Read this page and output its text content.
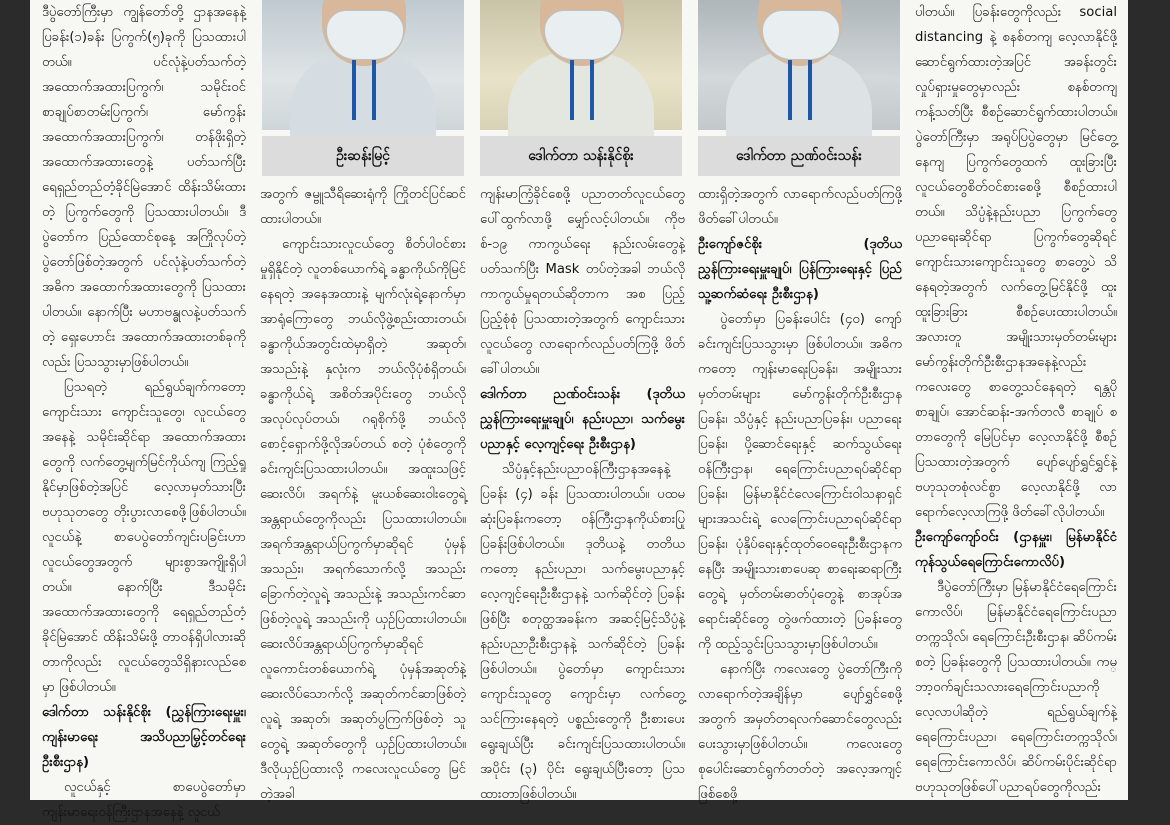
ဒီပွဲတော်ကြီးမှာ ကျွန်တော်တို့ ဌာနအနေနဲ့ ပြခန်း(၁)ခန်း ပြကွက်(၅)ခုကို ပြသထားပါတယ်။ ပင်လုံနဲ့ပတ်သက်တဲ့ အထောက်အထားပြကွက်၊ သမိုင်းဝင်စာချုပ်စာတမ်းပြကွက်၊ မော်ကွန်းအထောက်အထားပြကွက်၊ တန်ဖိုးရှိတဲ့ အထောက်အထားတွေနဲ့ ပတ်သက်ပြီး ရေရှည်တည်တံ့ခိုင်မြဲအောင် ထိန်းသိမ်းထားတဲ့ ပြကွက်တွေကို ပြသထားပါတယ်။ ဒီပွဲတော်က ပြည်ထောင်စုနေ့ အကြိုလုပ်တဲ့ ပွဲတော်ဖြစ်တဲ့အတွက် ပင်လုံနဲ့ပတ်သက်တဲ့ အဓိက အထောက်အထားတွေကို ပြသထားပါတယ်။ နောက်ပြီး မဟာဗန္ဓုလနဲ့ပတ်သက်တဲ့ ရှေးဟောင်း အထောက်အထားတစ်ခုကိုလည်း ပြသသွားမှာဖြစ်ပါတယ်။

ပြသရတဲ့ ရည်ရွယ်ချက်ကတော့ ကျောင်းသား ကျောင်းသူတွေ၊ လူငယ်တွေအနေနဲ့ သမိုင်းဆိုင်ရာ အထောက်အထားတွေကို လက်တွေ့မျက်မြင်ကိုယ်ကျ ကြည့်ရှုနိုင်မှာဖြစ်တဲ့အပြင် လေ့လာမှတ်သားပြီး ဗဟုသုတတွေ တိုးပွားလာစေဖို့ဖြစ်ပါတယ်။ လူငယ်နဲ့ စာပေပွဲတော်ကျင်းပခြင်းဟာ လူငယ်တွေအတွက် များစွာအကျိုးရှိပါတယ်။ နောက်ပြီး ဒီသမိုင်းအထောက်အထားတွေကို ရေရှည်တည်တံ့ခိုင်မြဲအောင် ထိန်းသိမ်းဖို့ တာဝန်ရှိပါလားဆိုတာကိုလည်း လူငယ်တွေသိရှိနားလည်စေမှာ ဖြစ်ပါတယ်။

ဒေါက်တာ သန်းနိုင်စိုး (ညွှန်ကြားရေးမှူး၊ ကျန်းမာရေး အသိပညာမြှင့်တင်ရေး ဦးစီးဌာန)

လူငယ်နှင့် စာပေပွဲတော်မှာ ကျန်းမာရေးဝန်ကြီးဌာနအနေနဲ့ လူငယ်

ဦးဆန်းမြင့်	ဒေါက်တာ သန်းနိုင်စိုး	ဒေါက်တာ ညဏ်ဝင်းသန်း

အတွက် ဇမ္ဗူသီရိဆေးရုံကို ကြိုတင်ပြင်ဆင်ထားပါတယ်။

ကျောင်းသားလူငယ်တွေ စိတ်ပါဝင်စားမှုရှိနိုင်တဲ့ လူတစ်ယောက်ရဲ့ ခန္ဓာကိုယ်ကိုမြင်နေရတဲ့ အနေအထားနဲ့ မျက်လုံးရဲ့နောက်မှာ အာရုံကြောတွေ ဘယ်လိုဖွဲ့စည်းထားတယ်၊ ခန္ဓာကိုယ်အတွင်းထဲမှာရှိတဲ့ အဆုတ်၊ အသည်းနဲ့ နှလုံးက ဘယ်လိုပုံစံရှိတယ်၊ ခန္ဓာကိုယ်ရဲ့ အစိတ်အပိုင်းတွေ ဘယ်လိုအလုပ်လုပ်တယ်၊ ဂရုစိုက်ဖို့ ဘယ်လိုစောင့်ရှောက်ဖို့လိုအပ်တယ် စတဲ့ ပုံစံတွေကို ခင်းကျင်းပြသထားပါတယ်။ အထူးသဖြင့် ဆေးလိပ်၊ အရက်နဲ့ မူးယစ်ဆေးဝါးတွေရဲ့ အန္တရာယ်တွေကိုလည်း ပြသထားပါတယ်။ အရက်အန္တရာယ်ပြကွက်မှာဆိုရင် ပုံမှန်အသည်း၊ အရက်သောက်လို့ အသည်းခြောက်တဲ့လူရဲ့ အသည်းနဲ့ အသည်းကင်ဆာဖြစ်တဲ့လူရဲ့ အသည်းကို ယှဉ်ပြထားပါတယ်။ ဆေးလိပ်အန္တရာယ်ပြကွက်မှာဆိုရင် လူကောင်းတစ်ယောက်ရဲ့ ပုံမှန်အဆုတ်နဲ့ ဆေးလိပ်သောက်လို့ အဆုတ်ကင်ဆာဖြစ်တဲ့လူရဲ့ အဆုတ်၊ အဆုတ်ပွကြက်ဖြစ်တဲ့ သူတွေရဲ့ အဆုတ်တွေကို ယှဉ်ပြထားပါတယ်။ ဒီလိုယှဉ်ပြထားလို့ ကလေးလူငယ်တွေ မြင်တဲ့အခါ

ကျန်းမာကြံ့ခိုင်စေဖို့ ပညာတတ်လူငယ်တွေ ပေါ်ထွက်လာဖို့ မျှော်လင့်ပါတယ်။ ကိုဗစ်-၁၉ ကာကွယ်ရေး နည်းလမ်းတွေနဲ့ပတ်သက်ပြီး Mask တပ်တဲ့အခါ ဘယ်လို ကာကွယ်မှုရတယ်ဆိုတာက အစ ပြည့်ပြည့်စုံစုံ ပြသထားတဲ့အတွက် ကျောင်းသားလူငယ်တွေ လာရောက်လည်ပတ်ကြဖို့ ဖိတ်ခေါ်ပါတယ်။

ဒေါက်တာ ညဏ်ဝင်းသန်း (ဒုတိယ ညွှန်ကြားရေးမှူးချုပ်၊ နည်းပညာ၊ သက်မွေးပညာနှင့် လေ့ကျင့်ရေး ဦးစီးဌာန)

သိပ္ပံနှင့်နည်းပညာဝန်ကြီးဌာနအနေနဲ့ ပြခန်း (၄) ခန်း ပြသထားပါတယ်။ ပထမဆုံးပြခန်းကတော့ ဝန်ကြီးဌာနကိုယ်စားပြုပြခန်းဖြစ်ပါတယ်။ ဒုတိယနဲ့ တတိယကတော့ နည်းပညာ၊ သက်မွေးပညာနှင့် လေ့ကျင့်ရေးဦးစီးဌာနနဲ့ သက်ဆိုင်တဲ့ ပြခန်းဖြစ်ပြီး စတုတ္ထအခန်းက အဆင့်မြင့်သိပ္ပံနဲ့နည်းပညာဦးစီးဌာနနဲ့ သက်ဆိုင်တဲ့ ပြခန်းဖြစ်ပါတယ်။ ပွဲတော်မှာ ကျောင်းသားကျောင်းသူတွေ ကျောင်းမှာ လက်တွေ့သင်ကြားနေရတဲ့ ပစ္စည်းတွေကို ဦးစားပေးရွေးချယ်ပြီး ခင်းကျင်းပြသထားပါတယ်။ အပိုင်း (၃) ပိုင်း ရွေးချယ်ပြီးတော့ ပြသထားတာဖြစ်ပါတယ်။

ထားရှိတဲ့အတွက် လာရောက်လည်ပတ်ကြဖို့ ဖိတ်ခေါ်ပါတယ်။

ဦးကျော်ဇင်စိုး (ဒုတိယ ညွှန်ကြားရေးမှူးချုပ်၊ ပြန်ကြားရေးနှင့် ပြည်သူ့ဆက်ဆံရေး ဦးစီးဌာန)

ပွဲတော်မှာ ပြခန်းပေါင်း (၄၀) ကျော် ခင်းကျင်းပြသသွားမှာ ဖြစ်ပါတယ်။ အဓိကကတော့ ကျန်းမာရေးပြခန်း၊ အမျိုးသားမှတ်တမ်းများ မော်ကွန်းတိုက်ဦးစီးဌာနပြခန်း၊ သိပ္ပံနှင့် နည်းပညာပြခန်း၊ ပညာရေးပြခန်း၊ ပို့ဆောင်ရေးနှင့် ဆက်သွယ်ရေးဝန်ကြီးဌာန၊ ရေကြောင်းပညာရပ်ဆိုင်ရာပြခန်း၊ မြန်မာနိုင်ငံလေကြောင်းဝါသနာရှင်များအသင်းရဲ့ လေကြောင်းပညာရပ်ဆိုင်ရာ ပြခန်း၊ ပုံနှိပ်ရေးနှင့်ထုတ်ဝေရေးဦးစီးဌာနကနေပြီး အမျိုးသားစာပေဆု စာရေးဆရာကြီးတွေရဲ့ မှတ်တမ်းဓာတ်ပုံတွေနဲ့ စာအုပ်အရောင်းဆိုင်တွေ တွဲဖက်ထားတဲ့ ပြခန်းတွေကို ထည့်သွင်းပြသသွားမှာဖြစ်ပါတယ်။

နောက်ပြီး ကလေးတွေ ပွဲတော်ကြီးကို လာရောက်တဲ့အချိန်မှာ ပျော်ရွှင်စေဖို့အတွက် အမှတ်တရလက်ဆောင်တွေလည်း ပေးသွားမှာဖြစ်ပါတယ်။ ကလေးတွေ စုပေါင်းဆောင်ရွက်တတ်တဲ့ အလေ့အကျင့်ဖြစ်စေဖို့

ပါတယ်။ ပြခန်းတွေကိုလည်း social distancing နဲ့ စနစ်တကျ လေ့လာနိုင်ဖို့ ဆောင်ရွက်ထားတဲ့အပြင် အခန်းတွင်း လှုပ်ရှားမှုတွေမှာလည်း စနစ်တကျ ကန့်သတ်ပြီး စီစဉ်ဆောင်ရွက်ထားပါတယ်။ ပွဲတော်ကြီးမှာ အရုပ်ပြပွဲတွေမှာ မြင်တွေ့နေကျ ပြကွက်တွေထက် ထူးခြားပြီး လူငယ်တွေစိတ်ဝင်စားစေဖို့ စီစဉ်ထားပါတယ်။ သိပ္ပံနဲ့နည်းပညာ ပြကွက်တွေ ပညာရေးဆိုင်ရာ ပြကွက်တွေဆိုရင် ကျောင်းသားကျောင်းသူတွေ စာတွေ့ပဲ သိနေရတဲ့အတွက် လက်တွေ့မြင်နိုင်ဖို့ ထူးထူးခြားခြား စီစဉ်ပေးထားပါတယ်။ အလားတူ အမျိုးသားမှတ်တမ်းများ မော်ကွန်းတိုက်ဦးစီးဌာနအနေနဲ့လည်း ကလေးတွေ စာတွေ့သင်နေရတဲ့ ရန္တပိုစာချုပ်၊ အောင်ဆန်း-အက်တလီ စာချုပ် စတာတွေကို မြေပြင်မှာ လေ့လာနိုင်ဖို့ စီစဉ်ပြသထားတဲ့အတွက် ပျော်ပျော်ရွှင်ရွှင်နဲ့ ဗဟုသုတစုံလင်စွာ လေ့လာနိုင်ဖို့ လာရောက်လေ့လာကြဖို့ ဖိတ်ခေါ်လိုပါတယ်။

ဦးကျော်ကျော်ဝင်း (ဌာနမှူး၊ မြန်မာနိုင်ငံကုန်သွယ်ရေကြောင်းကောလိပ်)

ဒီပွဲတော်ကြီးမှာ မြန်မာနိုင်ငံရေကြောင်းကောလိပ်၊ မြန်မာနိုင်ငံရေကြောင်းပညာတက္ကသိုလ်၊ ရေကြောင်းဦးစီးဌာန၊ ဆိပ်ကမ်း စတဲ့ ပြခန်းတွေကို ပြသထားပါတယ်။ ကမ္ဘာ့ဝက်ချင်းသလားရေကြောင်းပညာကို လေ့လာပါဆိုတဲ့ ရည်ရွယ်ချက်နဲ့ ရေကြောင်းပညာ၊ ရေကြောင်းတက္ကသိုလ်၊ ရေကြောင်းကောလိပ်၊ ဆိပ်ကမ်းပိုင်းဆိုင်ရာ ဗဟုသုတဖြစ်ပေါ်ပညာရပ်တွေကိုလည်း
